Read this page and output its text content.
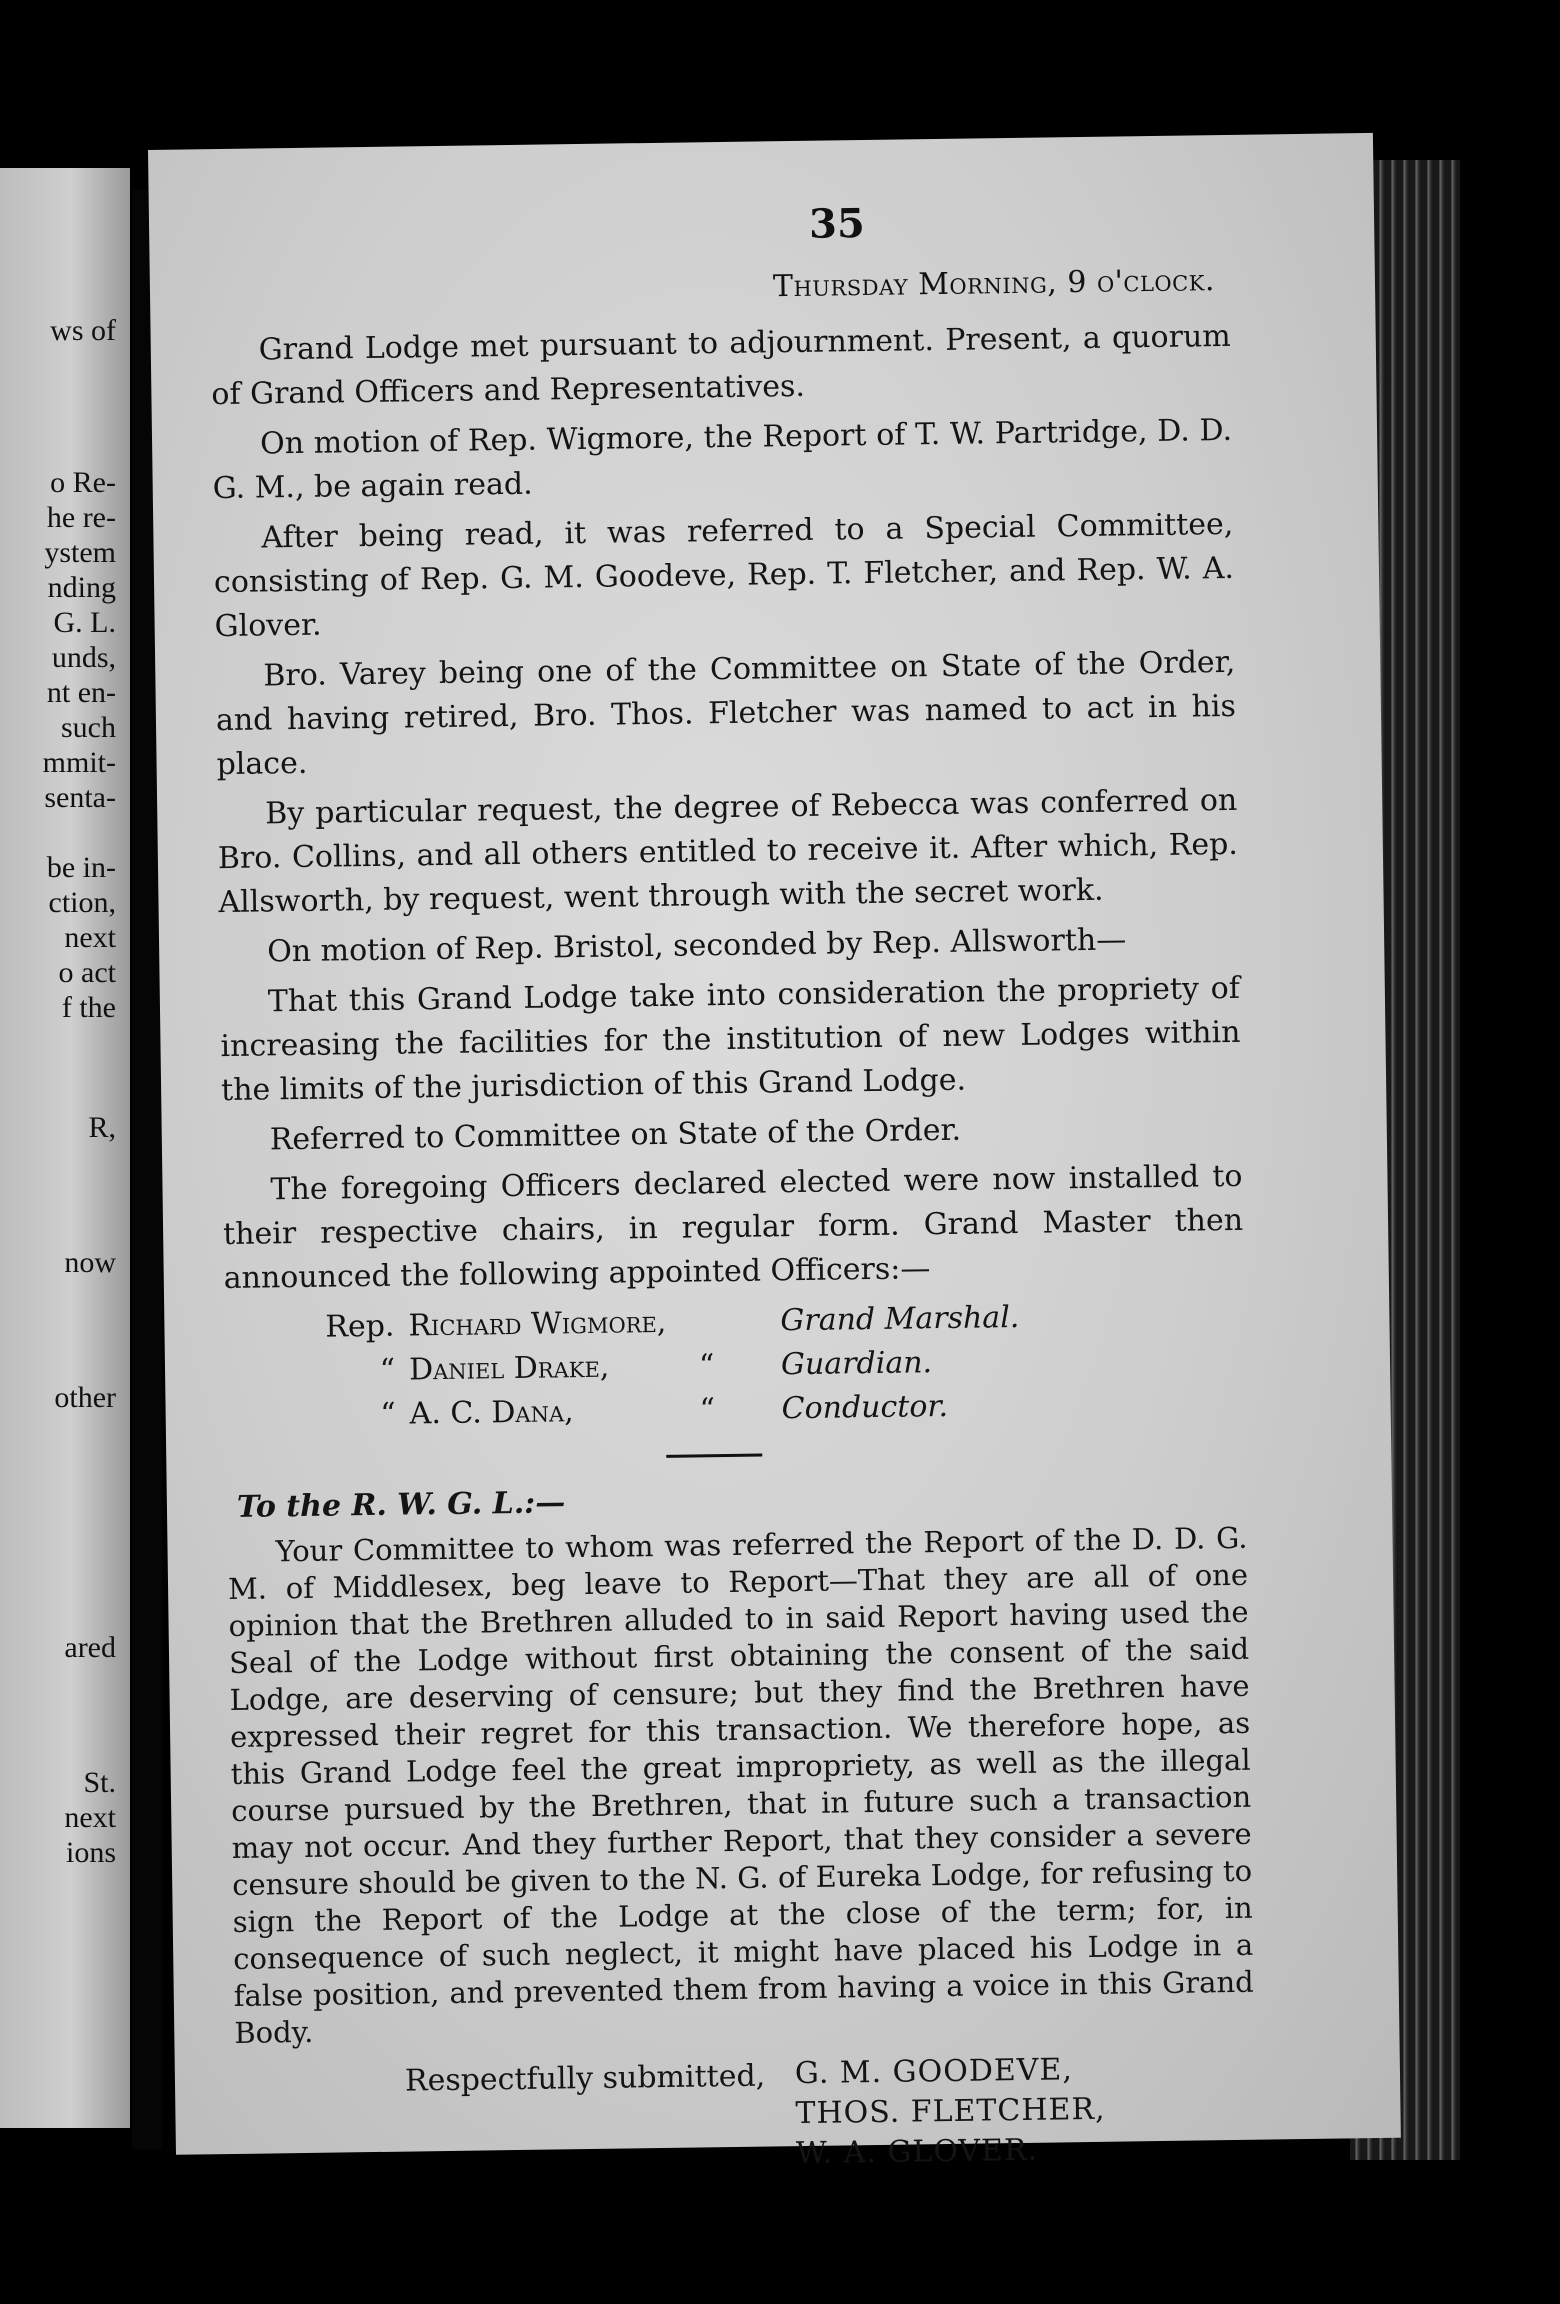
ws of
o Re-
he re-
ystem
nding
G. L.
unds,
nt en-
such
mmit-
senta-
be in-
ction,
next
o act
f the
R,
now
other
ared
St.
next
ions
35
Thursday Morning, 9 o'clock.

Grand Lodge met pursuant to adjournment. Present, a quorum of Grand Officers and Representatives.

On motion of Rep. Wigmore, the Report of T. W. Partridge, D. D. G. M., be again read.

After being read, it was referred to a Special Committee, consisting of Rep. G. M. Goodeve, Rep. T. Fletcher, and Rep. W. A. Glover.

Bro. Varey being one of the Committee on State of the Order, and having retired, Bro. Thos. Fletcher was named to act in his place.

By particular request, the degree of Rebecca was conferred on Bro. Collins, and all others entitled to receive it. After which, Rep. Allsworth, by request, went through with the secret work.

On motion of Rep. Bristol, seconded by Rep. Allsworth—

That this Grand Lodge take into consideration the propriety of increasing the facilities for the institution of new Lodges within the limits of the jurisdiction of this Grand Lodge.

Referred to Committee on State of the Order.

The foregoing Officers declared elected were now installed to their respective chairs, in regular form. Grand Master then announced the following appointed Officers:—

Rep. Richard Wigmore,	Grand Marshal.
“ Daniel Drake,	“	Guardian.
“ A. C. Dana,	“	Conductor.
To the R. W. G. L.:—

Your Committee to whom was referred the Report of the D. D. G. M. of Middlesex, beg leave to Report—That they are all of one opinion that the Brethren alluded to in said Report having used the Seal of the Lodge without first obtaining the consent of the said Lodge, are deserving of censure; but they find the Brethren have expressed their regret for this transaction. We therefore hope, as this Grand Lodge feel the great impropriety, as well as the illegal course pursued by the Brethren, that in future such a transaction may not occur. And they further Report, that they consider a severe censure should be given to the N. G. of Eureka Lodge, for refusing to sign the Report of the Lodge at the close of the term; for, in consequence of such neglect, it might have placed his Lodge in a false position, and prevented them from having a voice in this Grand Body.

Respectfully submitted, G. M. GOODEVE,
THOS. FLETCHER,
W. A. GLOVER.
